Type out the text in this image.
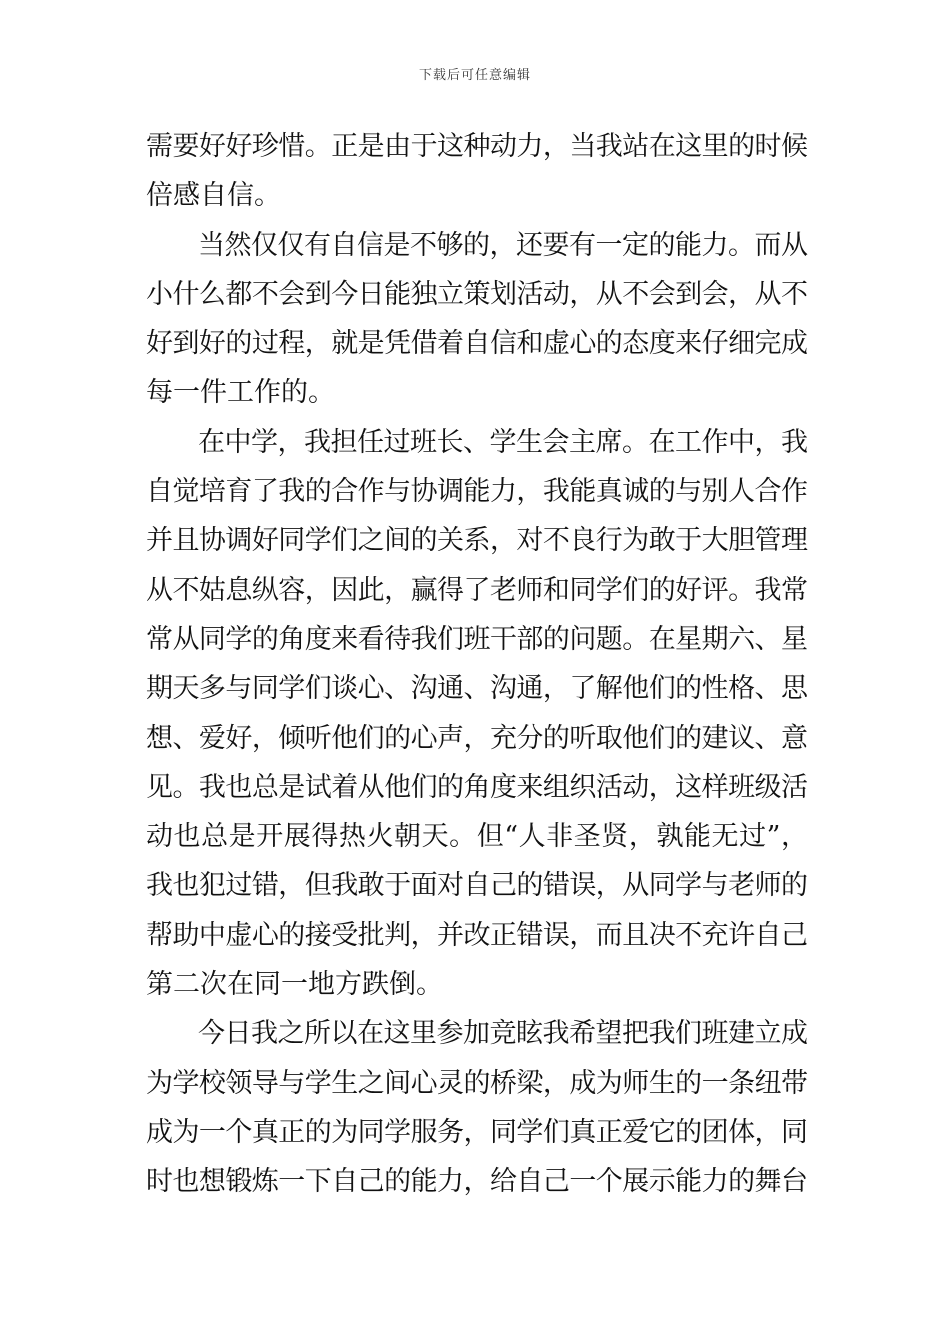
下载后可任意编辑
需要好好珍惜。正是由于这种动力，当我站在这里的时候
倍感自信。
当然仅仅有自信是不够的，还要有一定的能力。而从
小什么都不会到今日能独立策划活动，从不会到会，从不
好到好的过程，就是凭借着自信和虚心的态度来仔细完成
每一件工作的。
在中学，我担任过班长、学生会主席。在工作中，我
自觉培育了我的合作与协调能力，我能真诚的与别人合作
并且协调好同学们之间的关系，对不良行为敢于大胆管理
从不姑息纵容，因此，赢得了老师和同学们的好评。我常
常从同学的角度来看待我们班干部的问题。在星期六、星
期天多与同学们谈心、沟通、沟通，了解他们的性格、思
想、爱好，倾听他们的心声，充分的听取他们的建议、意
见。我也总是试着从他们的角度来组织活动，这样班级活
动也总是开展得热火朝天。但“人非圣贤，孰能无过”，
我也犯过错，但我敢于面对自己的错误，从同学与老师的
帮助中虚心的接受批判，并改正错误，而且决不充许自己
第二次在同一地方跌倒。
今日我之所以在这里参加竞眩我希望把我们班建立成
为学校领导与学生之间心灵的桥梁，成为师生的一条纽带
成为一个真正的为同学服务，同学们真正爱它的团体，同
时也想锻炼一下自己的能力，给自己一个展示能力的舞台
